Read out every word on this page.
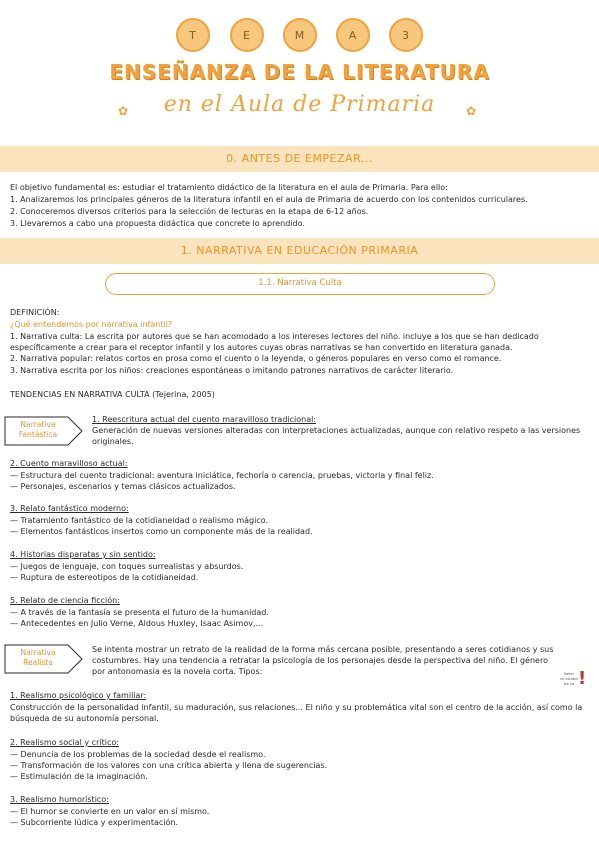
T	E	M	A	3
ENSEÑANZA DE LA LITERATURA
en el Aula de Primaria
✿	✿
0. ANTES DE EMPEZAR...
El objetivo fundamental es: estudiar el tratamiento didáctico de la literatura en el aula de Primaria. Para ello:
1. Analizaremos los principales géneros de la literatura infantil en el aula de Primaria de acuerdo con los contenidos curriculares.
2. Conoceremos diversos criterios para la selección de lecturas en la etapa de 6-12 años.
3. Llevaremos a cabo una propuesta didáctica que concrete lo aprendido.
1. NARRATIVA EN EDUCACIÓN PRIMARIA
1.1. Narrativa Culta
DEFINICIÓN:
¿Qué entendemos por narrativa infantil?
1. Narrativa culta: La escrita por autores que se han acomodado a los intereses lectores del niño. incluye a los que se han dedicado
específicamente a crear para el receptor infantil y los autores cuyas obras narrativas se han convertido en literatura ganada.
2. Narrativa popular: relatos cortos en prosa como el cuento o la leyenda, o géneros populares en verso como el romance.
3. Narrativa escrita por los niños: creaciones espontáneas o imitando patrones narrativos de carácter literario.
TENDENCIAS EN NARRATIVA CULTA (Tejerina, 2005)
Narrativa
Fantástica
1. Reescritura actual del cuento maravilloso tradicional:
Generación de nuevas versiones alteradas con interpretaciones actualizadas, aunque con relativo respeto a las versiones originales.
2. Cuento maravilloso actual:
— Estructura del cuento tradicional: aventura iniciática, fechoría o carencia, pruebas, victoria y final feliz.
— Personajes, escenarios y temas clásicos actualizados.
3. Relato fantástico moderno:
— Tratamiento fantástico de la cotidianeidad o realismo mágico.
— Elementos fantásticos insertos como un componente más de la realidad.
4. Historias disparatas y sin sentido:
— Juegos de lenguaje, con toques surrealistas y absurdos.
— Ruptura de estereotipos de la cotidianeidad.
5. Relato de ciencia ficción:
— A través de la fantasía se presenta el futuro de la humanidad.
— Antecedentes en Julio Verne, Aldous Huxley, Isaac Asimov,...
Narrativa
Realista
Se intenta mostrar un retrato de la realidad de la forma más cercana posible, presentando a seres cotidianos y sus costumbres. Hay una tendencia a retratar la psicología de los personajes desde la perspectiva del niño. El género por antonomasia es la novela corta. Tipos:	Saber
no olvides
ele ya !
1. Realismo psicológico y familiar:
Construcción de la personalidad infantil, su maduración, sus relaciones... El niño y su problemática vital son el centro de la acción, así como la búsqueda de su autonomía personal.
2. Realismo social y crítico:
— Denuncia de los problemas de la sociedad desde el realismo.
— Transformación de los valores con una crítica abierta y llena de sugerencias.
— Estimulación de la imaginación.
3. Realismo humorístico:
— El humor se convierte en un valor en sí mismo.
— Subcorriente lúdica y experimentación.
